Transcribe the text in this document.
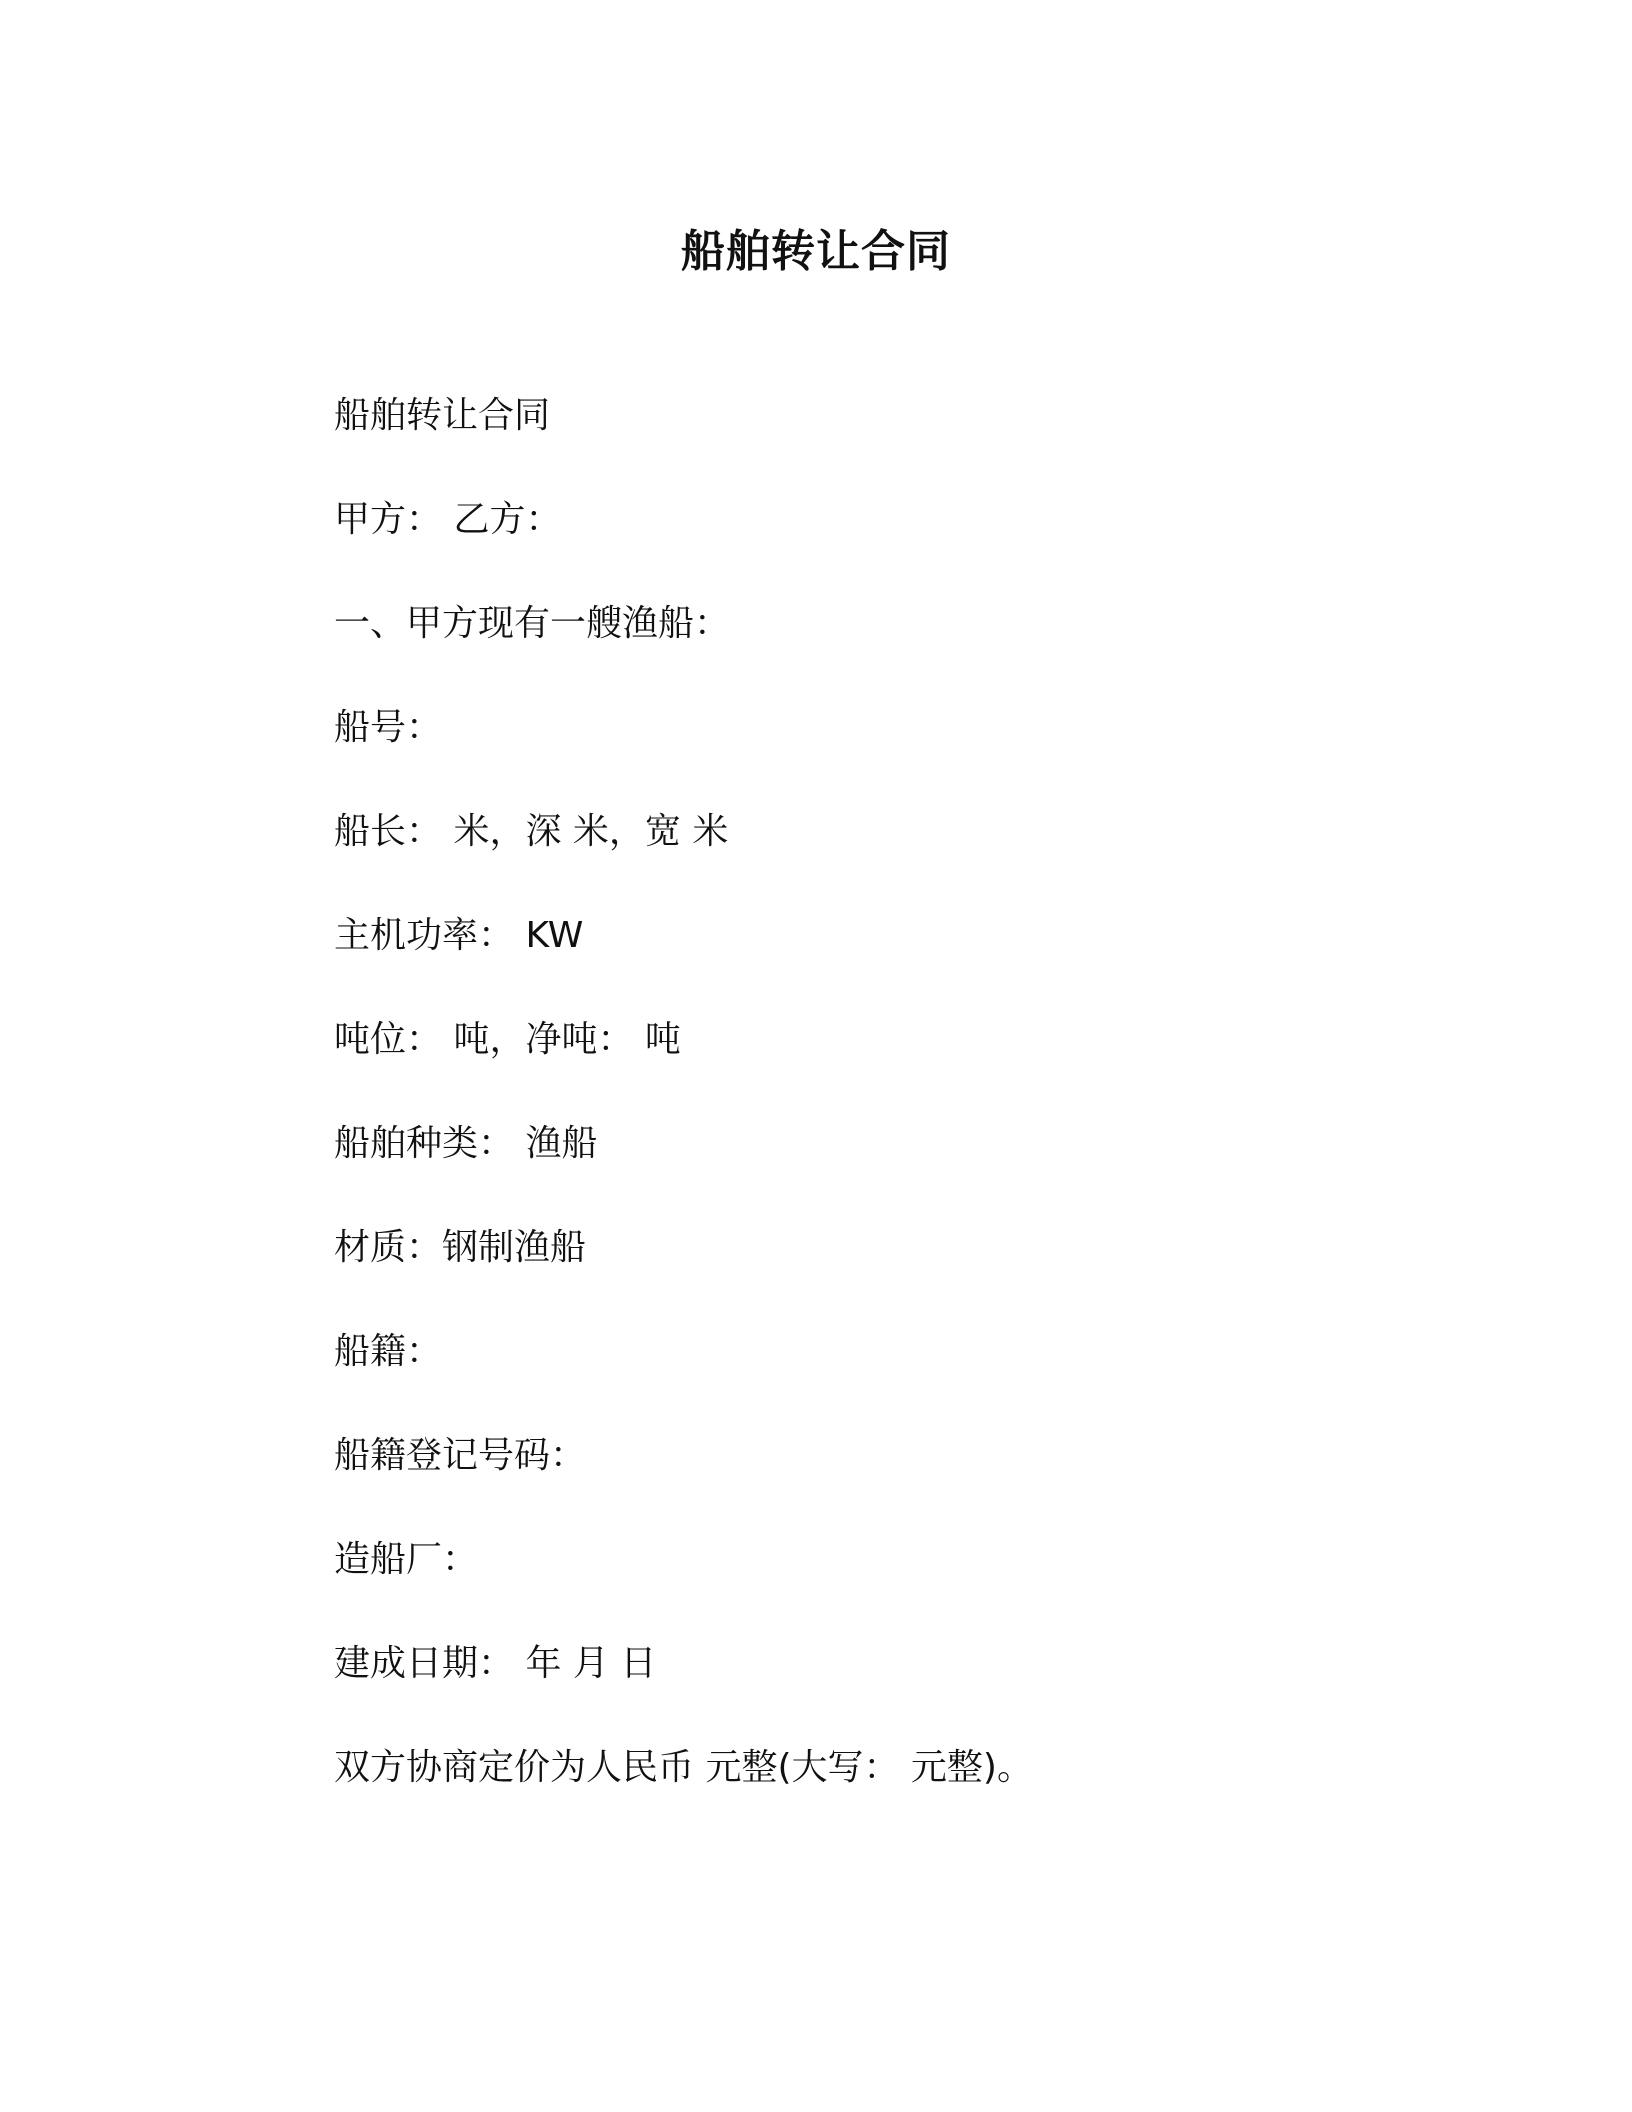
船舶转让合同

船舶转让合同

甲方： 乙方：

一、甲方现有一艘渔船：

船号：

船长： 米，深 米，宽 米

主机功率： KW

吨位： 吨，净吨： 吨

船舶种类： 渔船

材质：钢制渔船

船籍：

船籍登记号码：

造船厂：

建成日期： 年 月 日

双方协商定价为人民币 元整(大写： 元整)。
